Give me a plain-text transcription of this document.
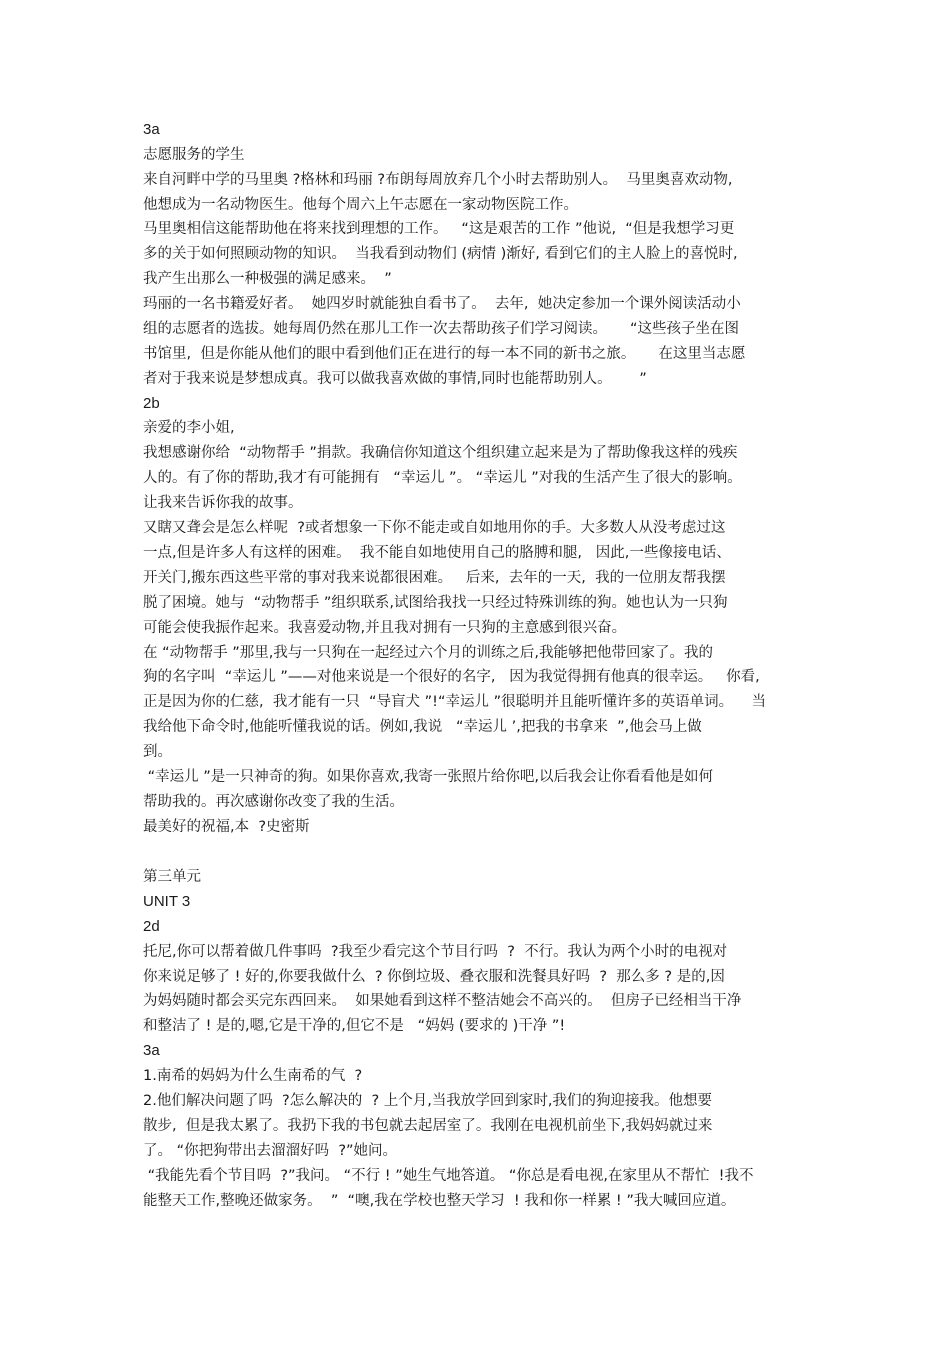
3a
志愿服务的学生
来自河畔中学的马里奥 ?格林和玛丽 ?布朗每周放弃几个小时去帮助别人。  马里奥喜欢动物,
他想成为一名动物医生。他每个周六上午志愿在一家动物医院工作。
马里奥相信这能帮助他在将来找到理想的工作。   “这是艰苦的工作 ”他说,  “但是我想学习更
多的关于如何照顾动物的知识。  当我看到动物们 (病情 )渐好, 看到它们的主人脸上的喜悦时,
我产生出那么一种极强的满足感来。  ”
玛丽的一名书籍爱好者。  她四岁时就能独自看书了。  去年,  她决定参加一个课外阅读活动小
组的志愿者的选拔。她每周仍然在那儿工作一次去帮助孩子们学习阅读。     “这些孩子坐在图
书馆里,  但是你能从他们的眼中看到他们正在进行的每一本不同的新书之旅。     在这里当志愿
者对于我来说是梦想成真。我可以做我喜欢做的事情,同时也能帮助别人。      ”
2b
亲爱的李小姐,
我想感谢你给  “动物帮手 ”捐款。我确信你知道这个组织建立起来是为了帮助像我这样的残疾
人的。有了你的帮助,我才有可能拥有   “幸运儿 ”。 “幸运儿 ”对我的生活产生了很大的影响。
让我来告诉你我的故事。
又瞎又聋会是怎么样呢  ?或者想象一下你不能走或自如地用你的手。大多数人从没考虑过这
一点,但是许多人有这样的困难。  我不能自如地使用自己的胳膊和腿,   因此,一些像接电话、
开关门,搬东西这些平常的事对我来说都很困难。   后来,  去年的一天,  我的一位朋友帮我摆
脱了困境。她与  “动物帮手 ”组织联系,试图给我找一只经过特殊训练的狗。她也认为一只狗
可能会使我振作起来。我喜爱动物,并且我对拥有一只狗的主意感到很兴奋。
在 “动物帮手 ”那里,我与一只狗在一起经过六个月的训练之后,我能够把他带回家了。我的
狗的名字叫  “幸运儿 ”——对他来说是一个很好的名字,   因为我觉得拥有他真的很幸运。   你看,
正是因为你的仁慈,  我才能有一只  “导盲犬 ”!“幸运儿 ”很聪明并且能听懂许多的英语单词。    当
我给他下命令时,他能听懂我说的话。例如,我说   “幸运儿 ’,把我的书拿来  ”,他会马上做
到。
“幸运儿 ”是一只神奇的狗。如果你喜欢,我寄一张照片给你吧,以后我会让你看看他是如何
帮助我的。再次感谢你改变了我的生活。
最美好的祝福,本  ?史密斯
第三单元
UNIT 3
2d
托尼,你可以帮着做几件事吗  ?我至少看完这个节目行吗  ?  不行。我认为两个小时的电视对
你来说足够了 ! 好的,你要我做什么  ? 你倒垃圾、叠衣服和洗餐具好吗  ?  那么多 ? 是的,因
为妈妈随时都会买完东西回来。  如果她看到这样不整洁她会不高兴的。  但房子已经相当干净
和整洁了 ! 是的,嗯,它是干净的,但它不是   “妈妈 (要求的 )干净 ”!
3a
1.南希的妈妈为什么生南希的气  ?
2.他们解决问题了吗  ?怎么解决的  ? 上个月,当我放学回到家时,我们的狗迎接我。他想要
散步,  但是我太累了。我扔下我的书包就去起居室了。我刚在电视机前坐下,我妈妈就过来
了。 “你把狗带出去溜溜好吗  ?”她问。
“我能先看个节目吗  ?”我问。 “不行 ! ”她生气地答道。 “你总是看电视,在家里从不帮忙  !我不
能整天工作,整晚还做家务。  ”  “噢,我在学校也整天学习  ! 我和你一样累 ! ”我大喊回应道。
